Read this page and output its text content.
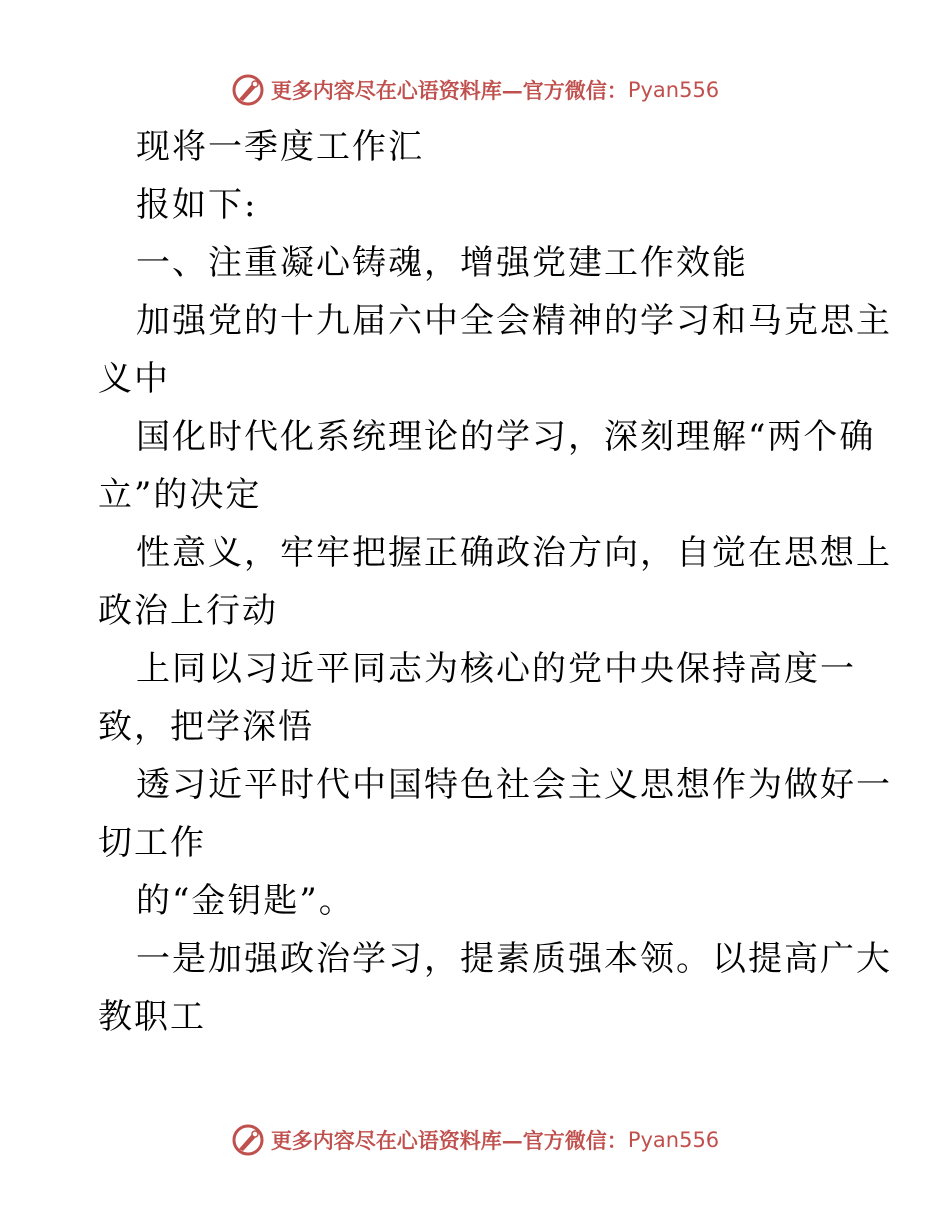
更多内容尽在心语资料库—官方微信： Pyan556
现将一季度工作汇
报如下:
一、注重凝心铸魂，增强党建工作效能
加强党的十九届六中全会精神的学习和马克思主
义中
国化时代化系统理论的学习，深刻理解“两个确
立”的决定
性意义，牢牢把握正确政治方向，自觉在思想上
政治上行动
上同以习近平同志为核心的党中央保持高度一
致，把学深悟
透习近平时代中国特色社会主义思想作为做好一
切工作
的“金钥匙”。
一是加强政治学习，提素质强本领。以提高广大
教职工
更多内容尽在心语资料库—官方微信： Pyan556
